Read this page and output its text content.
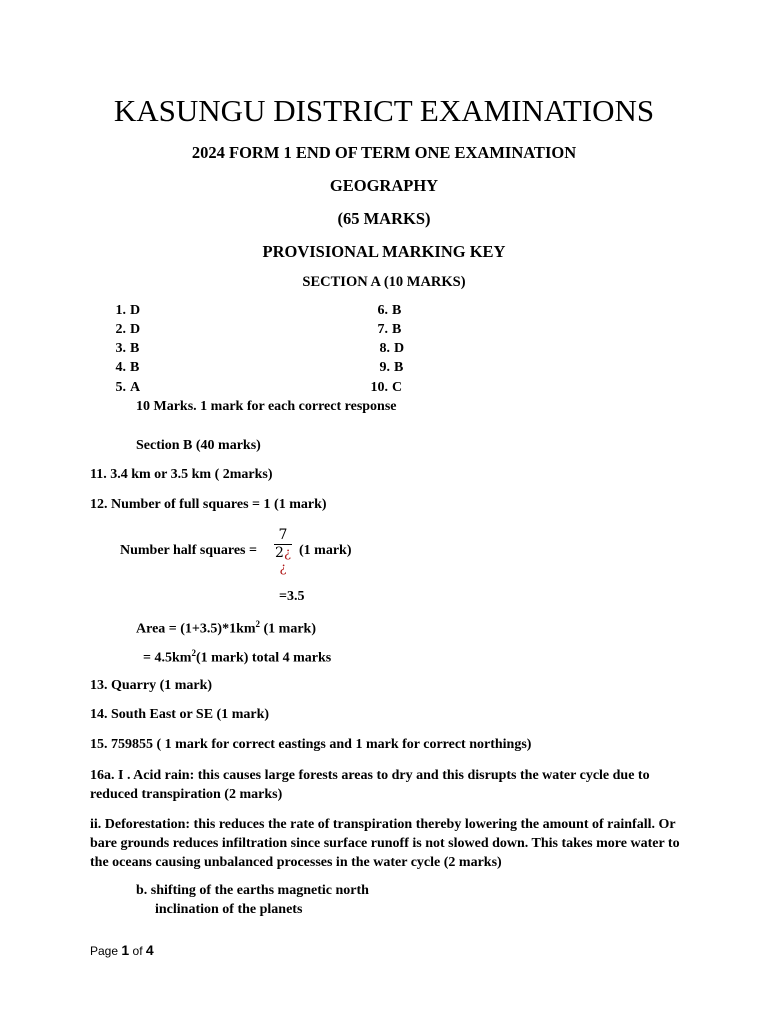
KASUNGU DISTRICT EXAMINATIONS
2024 FORM 1 END OF TERM ONE EXAMINATION
GEOGRAPHY
(65 MARKS)
PROVISIONAL MARKING KEY
SECTION A (10 MARKS)
1. D
2. D
3. B
4. B
5. A
6. B
7. B
8. D
9. B
10. C
10 Marks. 1 mark for each correct response
Section B (40 marks)
11. 3.4 km or 3.5 km ( 2marks)
12. Number of full squares = 1 (1 mark)
Number half squares =
7
2¿
¿
(1 mark)
=3.5
Area = $(1+3.5)*1km^2$ (1 mark)
= $4.5km^2(1$ mark) total 4 marks
13. Quarry (1 mark)
14. South East or SE (1 mark)
15. 759855 ( 1 mark for correct eastings and 1 mark for correct northings)
16a. I . Acid rain: this causes large forests areas to dry and this disrupts the water cycle due to reduced transpiration (2 marks)
ii. Deforestation: this reduces the rate of transpiration thereby lowering the amount of rainfall. Or bare grounds reduces infiltration since surface runoff is not slowed down. This takes more water to the oceans causing unbalanced processes in the water cycle (2 marks)
b. shifting of the earths magnetic north
inclination of the planets
Page 1 of 4
